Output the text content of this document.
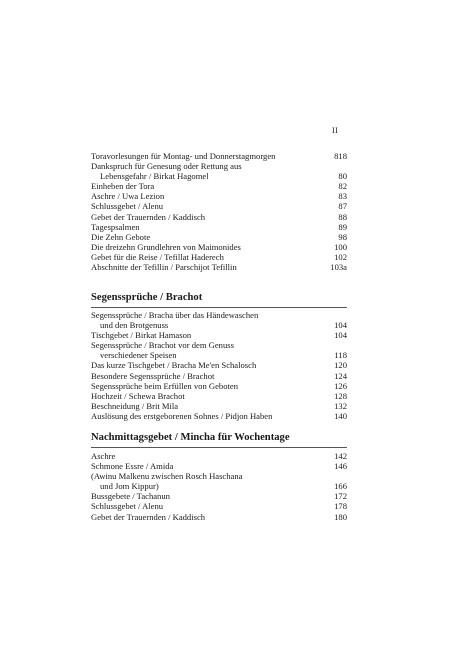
II
Toravorlesungen für Montag- und Donnerstagmorgen	818
Dankspruch für Genesung oder Rettung aus
Lebensgefahr / Birkat Hagomel	80
Einheben der Tora	82
Aschre / Uwa Lezion	83
Schlussgebet / Alenu	87
Gebet der Trauernden / Kaddisch	88
Tagespsalmen	89
Die Zehn Gebote	98
Die dreizehn Grundlehren von Maimonides	100
Gebet für die Reise / Tefillat Haderech	102
Abschnitte der Tefillin / Parschijot Tefillin	103a
Segenssprüche / Brachot
Segenssprüche / Bracha über das Händewaschen
und den Brotgenuss	104
Tischgebet / Birkat Hamason	104
Segenssprüche / Brachot vor dem Genuss
verschiedener Speisen	118
Das kurze Tischgebet / Bracha Me'en Schalosch	120
Besondere Segenssprüche / Brachot	124
Segenssprüche beim Erfüllen von Geboten	126
Hochzeit / Schewa Brachot	128
Beschneidung / Brit Mila	132
Auslösung des erstgeborenen Sohnes / Pidjon Haben	140
Nachmittagsgebet / Mincha für Wochentage
Aschre	142
Schmone Essre / Amida	146
(Awinu Malkenu zwischen Rosch Haschana
und Jom Kippur)	166
Bussgebete / Tachanun	172
Schlussgebet / Alenu	178
Gebet der Trauernden / Kaddisch	180
